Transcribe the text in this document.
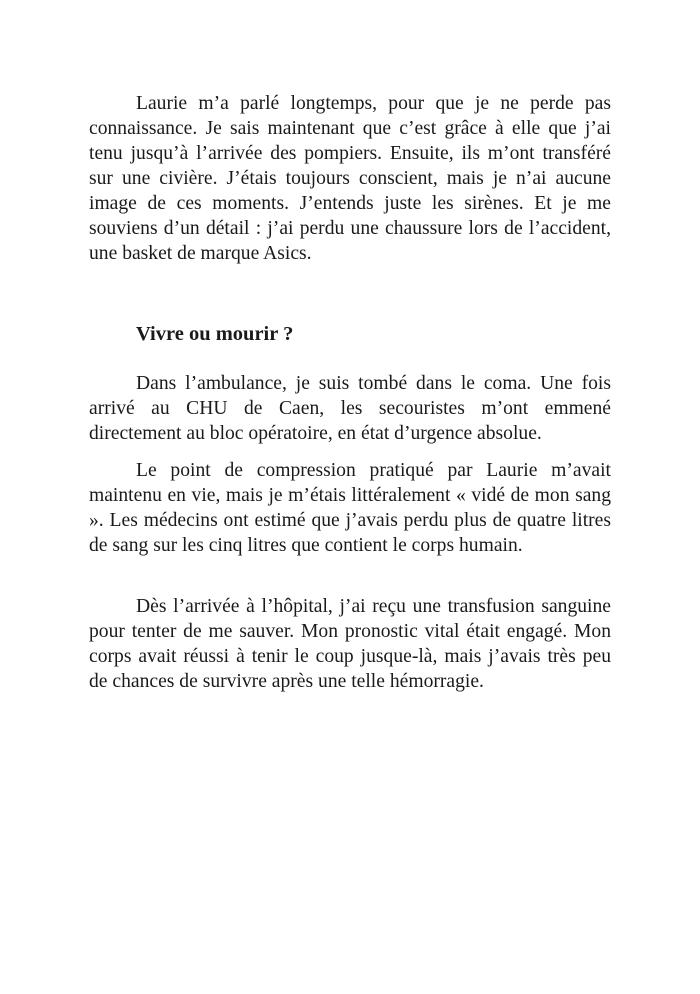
Laurie m’a parlé longtemps, pour que je ne perde pas connaissance. Je sais maintenant que c’est grâce à elle que j’ai tenu jusqu’à l’arrivée des pompiers. Ensuite, ils m’ont transféré sur une civière. J’étais toujours conscient, mais je n’ai aucune image de ces moments. J’entends juste les sirènes. Et je me souviens d’un détail : j’ai perdu une chaussure lors de l’accident, une basket de marque Asics.

Vivre ou mourir ?

Dans l’ambulance, je suis tombé dans le coma. Une fois arrivé au CHU de Caen, les secouristes m’ont emmené directement au bloc opératoire, en état d’urgence absolue.

Le point de compression pratiqué par Laurie m’avait maintenu en vie, mais je m’étais littéralement « vidé de mon sang ». Les médecins ont estimé que j’avais perdu plus de quatre litres de sang sur les cinq litres que contient le corps humain.

Dès l’arrivée à l’hôpital, j’ai reçu une transfusion sanguine pour tenter de me sauver. Mon pronostic vital était engagé. Mon corps avait réussi à tenir le coup jusque-là, mais j’avais très peu de chances de survivre après une telle hémorragie.
